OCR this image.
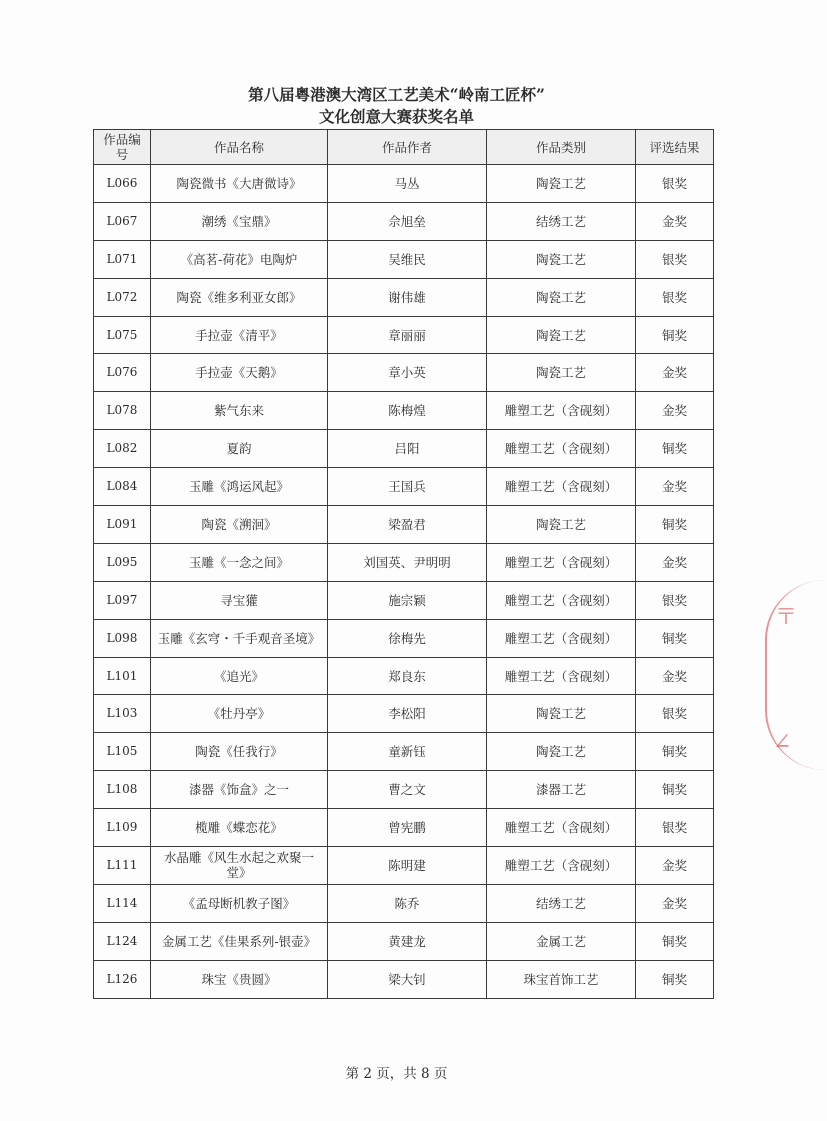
第八届粤港澳大湾区工艺美术“岭南工匠杯”

文化创意大赛获奖名单

作品编号	作品名称	作品作者	作品类别	评选结果
L066	陶瓷微书《大唐微诗》	马丛	陶瓷工艺	银奖
L067	潮绣《宝鼎》	佘旭垒	结绣工艺	金奖
L071	《高茗-荷花》电陶炉	吴维民	陶瓷工艺	银奖
L072	陶瓷《维多利亚女郎》	谢伟雄	陶瓷工艺	银奖
L075	手拉壶《清平》	章丽丽	陶瓷工艺	铜奖
L076	手拉壶《天鹅》	章小英	陶瓷工艺	金奖
L078	紫气东来	陈梅煌	雕塑工艺（含砚刻）	金奖
L082	夏韵	吕阳	雕塑工艺（含砚刻）	铜奖
L084	玉雕《鸿运风起》	王国兵	雕塑工艺（含砚刻）	金奖
L091	陶瓷《溯洄》	梁盈君	陶瓷工艺	铜奖
L095	玉雕《一念之间》	刘国英、尹明明	雕塑工艺（含砚刻）	金奖
L097	寻宝獾	施宗颖	雕塑工艺（含砚刻）	银奖
L098	玉雕《玄穹・千手观音圣境》	徐梅先	雕塑工艺（含砚刻）	铜奖
L101	《追光》	郑良东	雕塑工艺（含砚刻）	金奖
L103	《牡丹亭》	李松阳	陶瓷工艺	银奖
L105	陶瓷《任我行》	童新钰	陶瓷工艺	铜奖
L108	漆器《饰盒》之一	曹之文	漆器工艺	铜奖
L109	榄雕《蝶恋花》	曾宪鹏	雕塑工艺（含砚刻）	银奖
L111	水晶雕《风生水起之欢聚一堂》	陈明建	雕塑工艺（含砚刻）	金奖
L114	《孟母断机教子图》	陈乔	结绣工艺	金奖
L124	金属工艺《佳果系列-银壶》	黄建龙	金属工艺	铜奖
L126	珠宝《贵圆》	梁大钊	珠宝首饰工艺	铜奖
第 2 页，共 8 页
〒
∠
